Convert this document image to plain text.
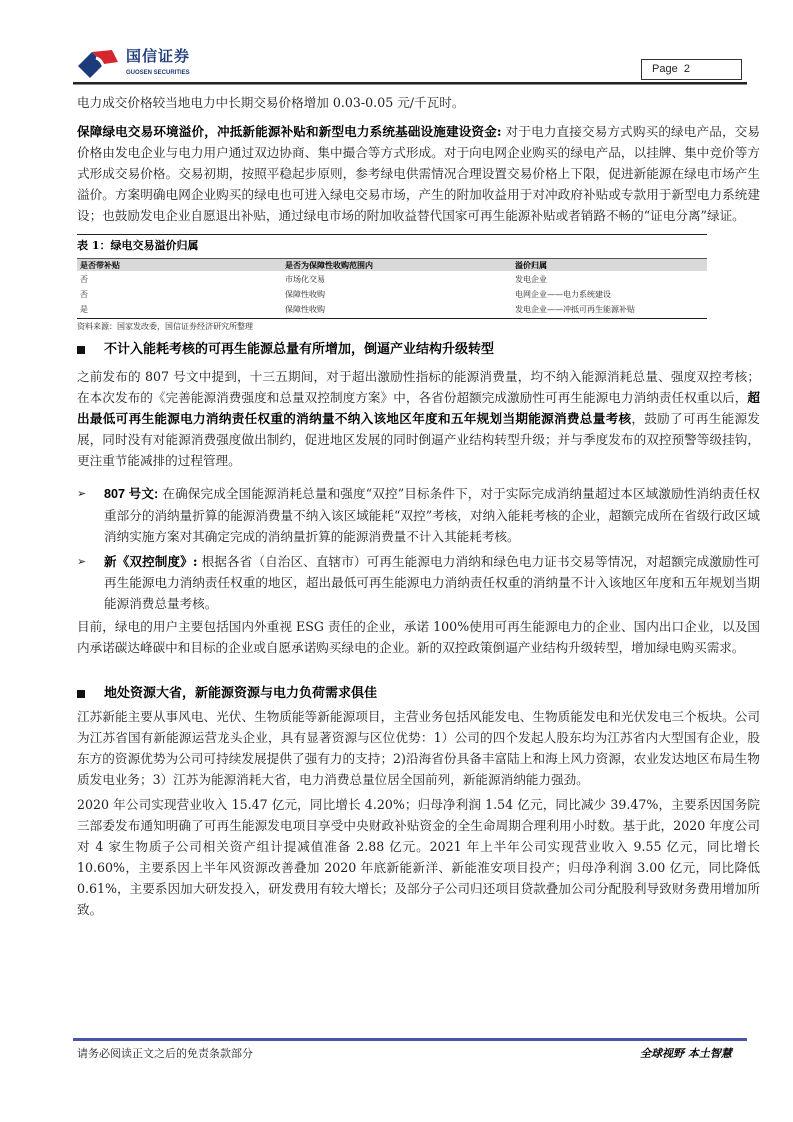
国信证券
GUOSEN SECURITIES	Page 2
电力成交价格较当地电力中长期交易价格增加 0.03-0.05 元/千瓦时。
保障绿电交易环境溢价，冲抵新能源补贴和新型电力系统基础设施建设资金: 对于电力直接交易方式购买的绿电产品，交易价格由发电企业与电力用户通过双边协商、集中撮合等方式形成。对于向电网企业购买的绿电产品，以挂牌、集中竞价等方式形成交易价格。交易初期，按照平稳起步原则，参考绿电供需情况合理设置交易价格上下限，促进新能源在绿电市场产生溢价。方案明确电网企业购买的绿电也可进入绿电交易市场，产生的附加收益用于对冲政府补贴或专款用于新型电力系统建设；也鼓励发电企业自愿退出补贴，通过绿电市场的附加收益替代国家可再生能源补贴或者销路不畅的“证电分离”绿证。
表 1：绿电交易溢价归属
是否带补贴	是否为保障性收购范围内	溢价归属
否	市场化交易	发电企业
否	保障性收购	电网企业——电力系统建设
是	保障性收购	发电企业——冲抵可再生能源补贴
资料来源：国家发改委，国信证券经济研究所整理
不计入能耗考核的可再生能源总量有所增加，倒逼产业结构升级转型
之前发布的 807 号文中提到，十三五期间，对于超出激励性指标的能源消费量，均不纳入能源消耗总量、强度双控考核；在本次发布的《完善能源消费强度和总量双控制度方案》中，各省份超额完成激励性可再生能源电力消纳责任权重以后，超出最低可再生能源电力消纳责任权重的消纳量不纳入该地区年度和五年规划当期能源消费总量考核，鼓励了可再生能源发展，同时没有对能源消费强度做出制约，促进地区发展的同时倒逼产业结构转型升级；并与季度发布的双控预警等级挂钩，更注重节能减排的过程管理。
➢	807 号文: 在确保完成全国能源消耗总量和强度“双控”目标条件下，对于实际完成消纳量超过本区域激励性消纳责任权重部分的消纳量折算的能源消费量不纳入该区域能耗“双控”考核，对纳入能耗考核的企业，超额完成所在省级行政区域消纳实施方案对其确定完成的消纳量折算的能源消费量不计入其能耗考核。
➢	新《双控制度》: 根据各省（自治区、直辖市）可再生能源电力消纳和绿色电力证书交易等情况，对超额完成激励性可再生能源电力消纳责任权重的地区，超出最低可再生能源电力消纳责任权重的消纳量不计入该地区年度和五年规划当期能源消费总量考核。
目前，绿电的用户主要包括国内外重视 ESG 责任的企业，承诺 100%使用可再生能源电力的企业、国内出口企业，以及国内承诺碳达峰碳中和目标的企业或自愿承诺购买绿电的企业。新的双控政策倒逼产业结构升级转型，增加绿电购买需求。
地处资源大省，新能源资源与电力负荷需求俱佳
江苏新能主要从事风电、光伏、生物质能等新能源项目，主营业务包括风能发电、生物质能发电和光伏发电三个板块。公司为江苏省国有新能源运营龙头企业，具有显著资源与区位优势：1）公司的四个发起人股东均为江苏省内大型国有企业，股东方的资源优势为公司可持续发展提供了强有力的支持；2)沿海省份具备丰富陆上和海上风力资源，农业发达地区布局生物质发电业务；3）江苏为能源消耗大省，电力消费总量位居全国前列，新能源消纳能力强劲。
2020 年公司实现营业收入 15.47 亿元，同比增长 4.20%；归母净利润 1.54 亿元，同比减少 39.47%，主要系因国务院三部委发布通知明确了可再生能源发电项目享受中央财政补贴资金的全生命周期合理利用小时数。基于此，2020 年度公司对 4 家生物质子公司相关资产组计提减值准备 2.88 亿元。2021 年上半年公司实现营业收入 9.55 亿元，同比增长 10.60%，主要系因上半年风资源改善叠加 2020 年底新能新洋、新能淮安项目投产；归母净利润 3.00 亿元，同比降低 0.61%，主要系因加大研发投入，研发费用有较大增长；及部分子公司归还项目贷款叠加公司分配股利导致财务费用增加所致。
请务必阅读正文之后的免责条款部分	全球视野 本土智慧
